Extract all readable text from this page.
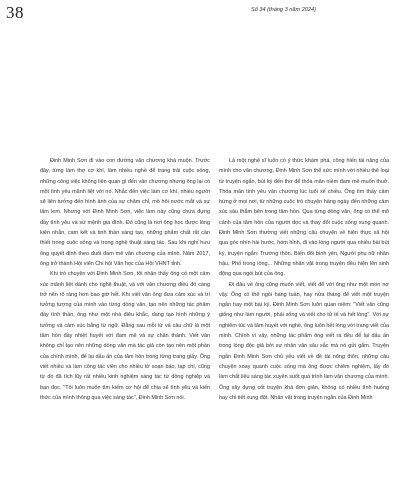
38	Số 34 (tháng 3 năm 2024)

Đinh Minh Sơn đi vào con đường văn chương khá muộn. Trước đây, từng làm thợ cơ khí, làm nhiều nghề để trang trải cuộc sống, những công việc không liên quan gì đến văn chương nhưng ông lại có một tình yêu mãnh liệt với nó. Nhắc đến việc làm cơ khí, nhiều người sẽ liên tưởng đến hình ảnh của sự chăm chỉ, mồ hôi nước mắt và sự lấm lem. Nhưng với Đinh Minh Sơn, việc làm này cũng chứa đựng đầy tình yêu và sứ mệnh gia đình. Đó cũng là nơi ông học được lòng kiên nhẫn, cam kết và tinh thần sáng tạo, những phẩm chất rất cần thiết trong cuộc sống và trong nghệ thuật sáng tác. Sau khi nghỉ hưu ông quyết định theo đuổi đam mê văn chương của mình. Năm 2017, ông trở thành Hội viên Chi hội Văn học của Hội VHNT tỉnh.

Khi trò chuyện với Đinh Minh Sơn, tôi nhận thấy ông có một cảm xúc mãnh liệt dành cho nghệ thuật, và với văn chương điều đó càng trở nên rõ ràng hơn bao giờ hết. Khi viết văn ông đưa cảm xúc và trí tưởng tượng của mình vào từng dòng văn, tạo nên những tác phẩm đầy tình thần, ông như một nhà điêu khắc, dang tạo hình những ý tưởng và cảm xúc bằng từ ngữ. Đằng sau mỗi từ và câu chữ là một tâm hồn đầy nhiệt huyết với đam mê và sự chân thành. Viết văn không chỉ tạo nên những dòng văn mà tác giả còn tạo nên một phần của chính mình, để lại dấu ấn của tâm hồn trong từng trang giấy. Ông viết nhiều và làm công tác viên cho nhiều tờ soạn báo, tạp chí, cũng từ đó đã tích lũy rất nhiều kinh nghiệm sáng tác từ đồng nghiệp và bạn đọc. "Tôi luôn muốn tìm kiếm cơ hội để chia sẻ tình yêu và kiến thức của mình thông qua việc sáng tác", Đinh Minh Sơn nói.

Là một nghệ sĩ luôn có ý thức khám phá, công hiến tài năng của mình cho văn chương, Đinh Minh Sơn thể sức mình với nhiều thể loại từ truyện ngắn, bút ký đến thơ để thỏa mãn niềm đam mê muốn thuở. Thỏa mãn tình yêu văn chương lúc tuổi xế chiều. Ông tìm thấy cảm hứng ở mọi nơi, từ những cuộc trò chuyện hàng ngày đến những cảm xúc sâu thẳm bên trong tâm hồn. Qua từng dòng văn, ông có thể mô cảnh của tâm hồn của người đọc và thay đổi cuộc sống xung quanh. Đinh Minh Sơn thường viết những câu chuyện về hiện thực xã hội qua góc nhìn hài hước, hóm hỉnh, đi vào lòng người qua nhiều bài bút ký, truyện ngắn: Trường thôn, Biến đổi bình yên, Người phụ nữ nhân hậu, Phố trong lòng... Những nhân vật trong truyện đều hiện lên sinh động qua ngòi bút của ông.

Đi đâu về ông cũng muốn viết, viết để với ông như một món nợ vậy. Ông có thể ngồi hàng tuần, hay nửa tháng để viết một truyện ngắn hay một bài ký. Đinh Minh Sơn luôn quan niệm: "Viết văn cũng giống như làm người, phải sống và viết cho tử tế và hết lòng". Với sự nghiêm túc và tâm huyết với nghề, ông luôn hết lòng với trang viết của mình. Chính vì vậy, những tác phẩm ông viết ra đều để lại dấu ấn trong lòng độc giả bởi sự nhân văn sâu sắc mà nó gửi gắm. Truyện ngắn Đinh Minh Sơn chủ yếu viết về đề tài nông thôn, những câu chuyện xoay quanh cuộc sống mà ông được chiêm nghiệm, lấy đó làm chất liệu sáng tác xuyên suốt quá trình làm văn chương của mình. Ông xây dựng cốt truyện khá đơn giản, không có nhiều tình huống hay chi tiết xung đột. Nhân vật trong truyện ngắn của Đinh Minh
